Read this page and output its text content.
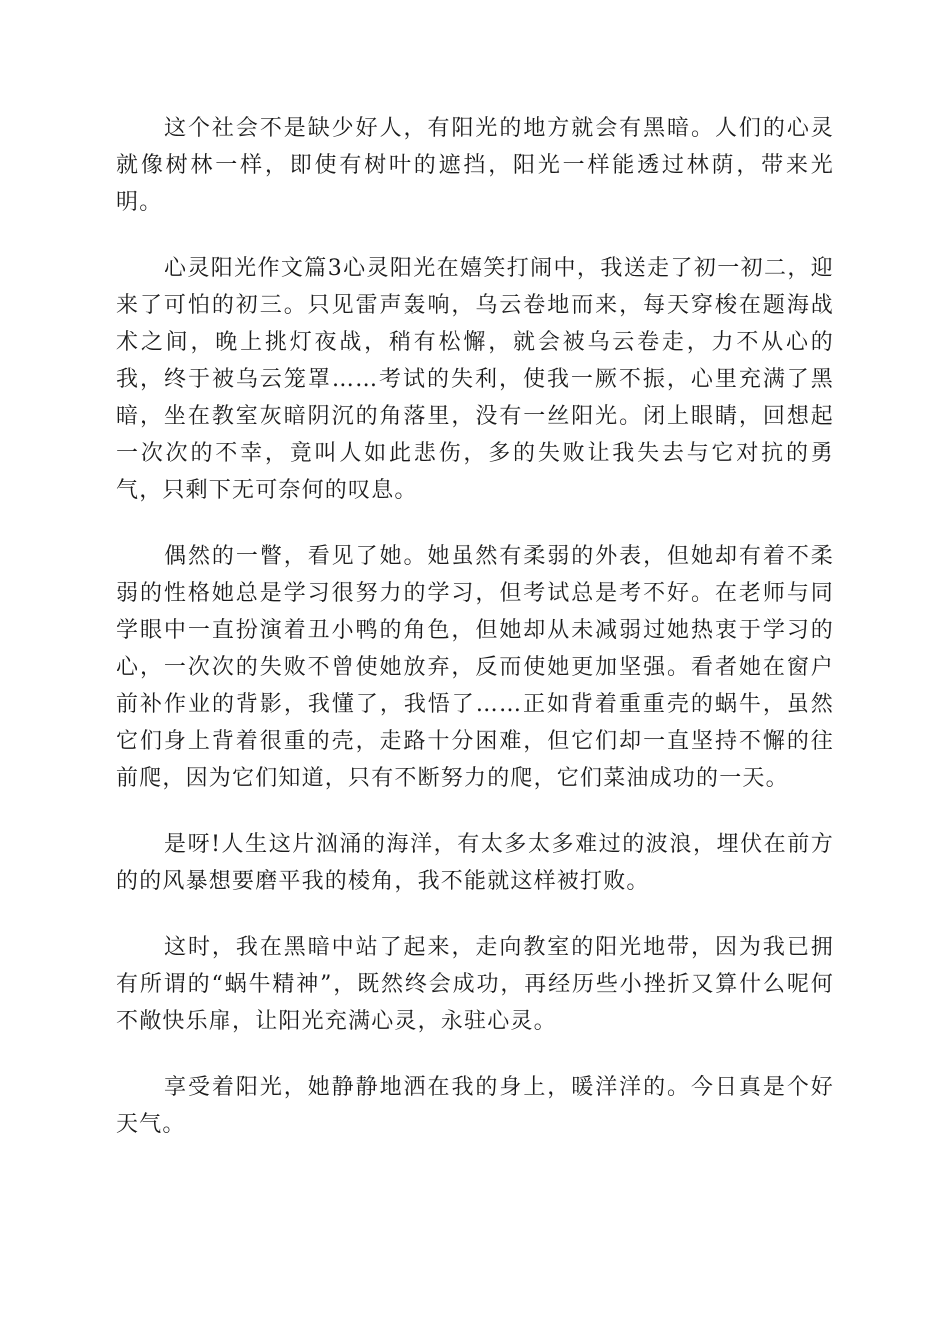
这个社会不是缺少好人，有阳光的地方就会有黑暗。人们的心灵就像树林一样，即使有树叶的遮挡，阳光一样能透过林荫，带来光明。

心灵阳光作文篇3心灵阳光在嬉笑打闹中，我送走了初一初二，迎来了可怕的初三。只见雷声轰响，乌云卷地而来，每天穿梭在题海战术之间，晚上挑灯夜战，稍有松懈，就会被乌云卷走，力不从心的我，终于被乌云笼罩……考试的失利，使我一厥不振，心里充满了黑暗，坐在教室灰暗阴沉的角落里，没有一丝阳光。闭上眼睛，回想起一次次的不幸，竟叫人如此悲伤，多的失败让我失去与它对抗的勇气，只剩下无可奈何的叹息。

偶然的一瞥，看见了她。她虽然有柔弱的外表，但她却有着不柔弱的性格她总是学习很努力的学习，但考试总是考不好。在老师与同学眼中一直扮演着丑小鸭的角色，但她却从未减弱过她热衷于学习的心，一次次的失败不曾使她放弃，反而使她更加坚强。看者她在窗户前补作业的背影，我懂了，我悟了……正如背着重重壳的蜗牛，虽然它们身上背着很重的壳，走路十分困难，但它们却一直坚持不懈的往前爬，因为它们知道，只有不断努力的爬，它们菜油成功的一天。

是呀!人生这片汹涌的海洋，有太多太多难过的波浪，埋伏在前方的的风暴想要磨平我的棱角，我不能就这样被打败。

这时，我在黑暗中站了起来，走向教室的阳光地带，因为我已拥有所谓的“蜗牛精神”，既然终会成功，再经历些小挫折又算什么呢何不敞快乐扉，让阳光充满心灵，永驻心灵。

享受着阳光，她静静地洒在我的身上，暖洋洋的。今日真是个好天气。
